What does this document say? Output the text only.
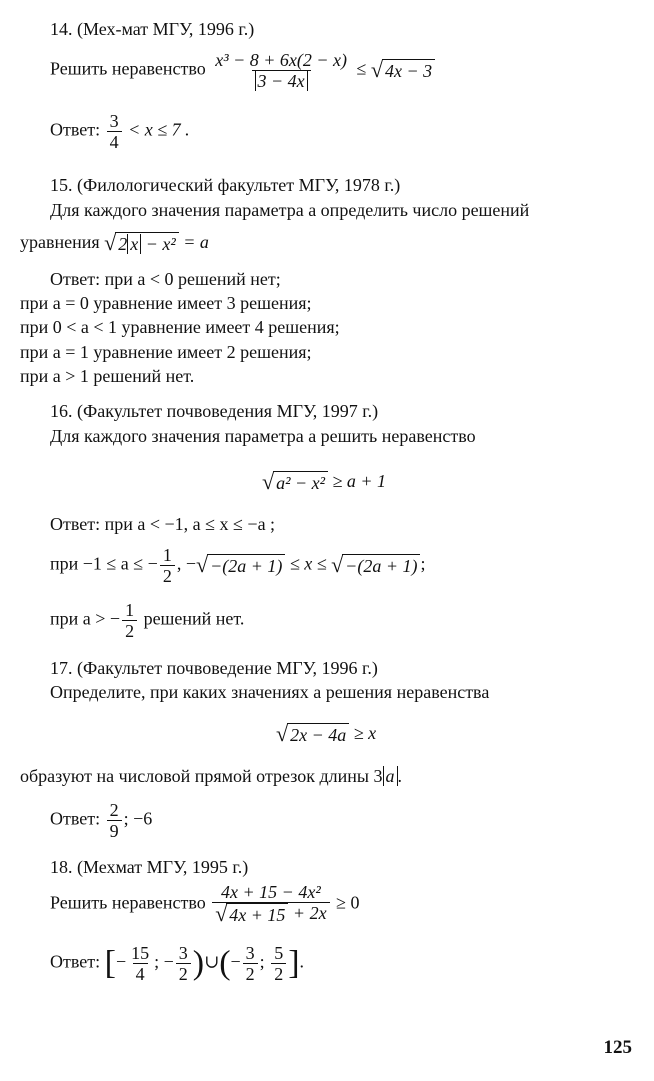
14. (Мех-мат МГУ, 1996 г.)
Решить неравенство $\frac{\text{x³ − 8 + 6x(2 − x)}}{3 - 4x}$ ≤ √ 4x − 3
Ответ: $\frac{3}{4} < x \le 7$ .
15. (Филологический факультет МГУ, 1978 г.)
Для каждого значения параметра a определить число решений
уравнения √ 2 x − x² = a
Ответ: при a < 0 решений нет;
при a = 0 уравнение имеет 3 решения;
при 0 < a < 1 уравнение имеет 4 решения;
при a = 1 уравнение имеет 2 решения;
при a > 1 решений нет.
16. (Факультет почвоведения МГУ, 1997 г.)
Для каждого значения параметра a решить неравенство
√ a² − x² ≥ a + 1
Ответ: при a < −1, a ≤ x ≤ −a ;
при −1 ≤ a ≤ − $\frac{1}{2}$ , − √ −(2a + 1) ≤ x ≤ √ −(2a + 1) ;
при a > − $\frac{1}{2}$ решений нет.
17. (Факультет почвоведение МГУ, 1996 г.)
Определите, при каких значениях a решения неравенства
√ 2x − 4a ≥ x
образуют на числовой прямой отрезок длины 3 a .
Ответ: $\frac{2}{9}$ ; −6
18. (Мехмат МГУ, 1995 г.)
Решить неравенство $\frac{\text{4x + 15 − 4x²}}{√ 4x + 15 + 2x} \ge 0$
Ответ: [− $\frac{15}{4}$ ; − $\frac{3}{2}$ )∪(− $\frac{3}{2}$ ; $\frac{5}{2}$ ].
125
